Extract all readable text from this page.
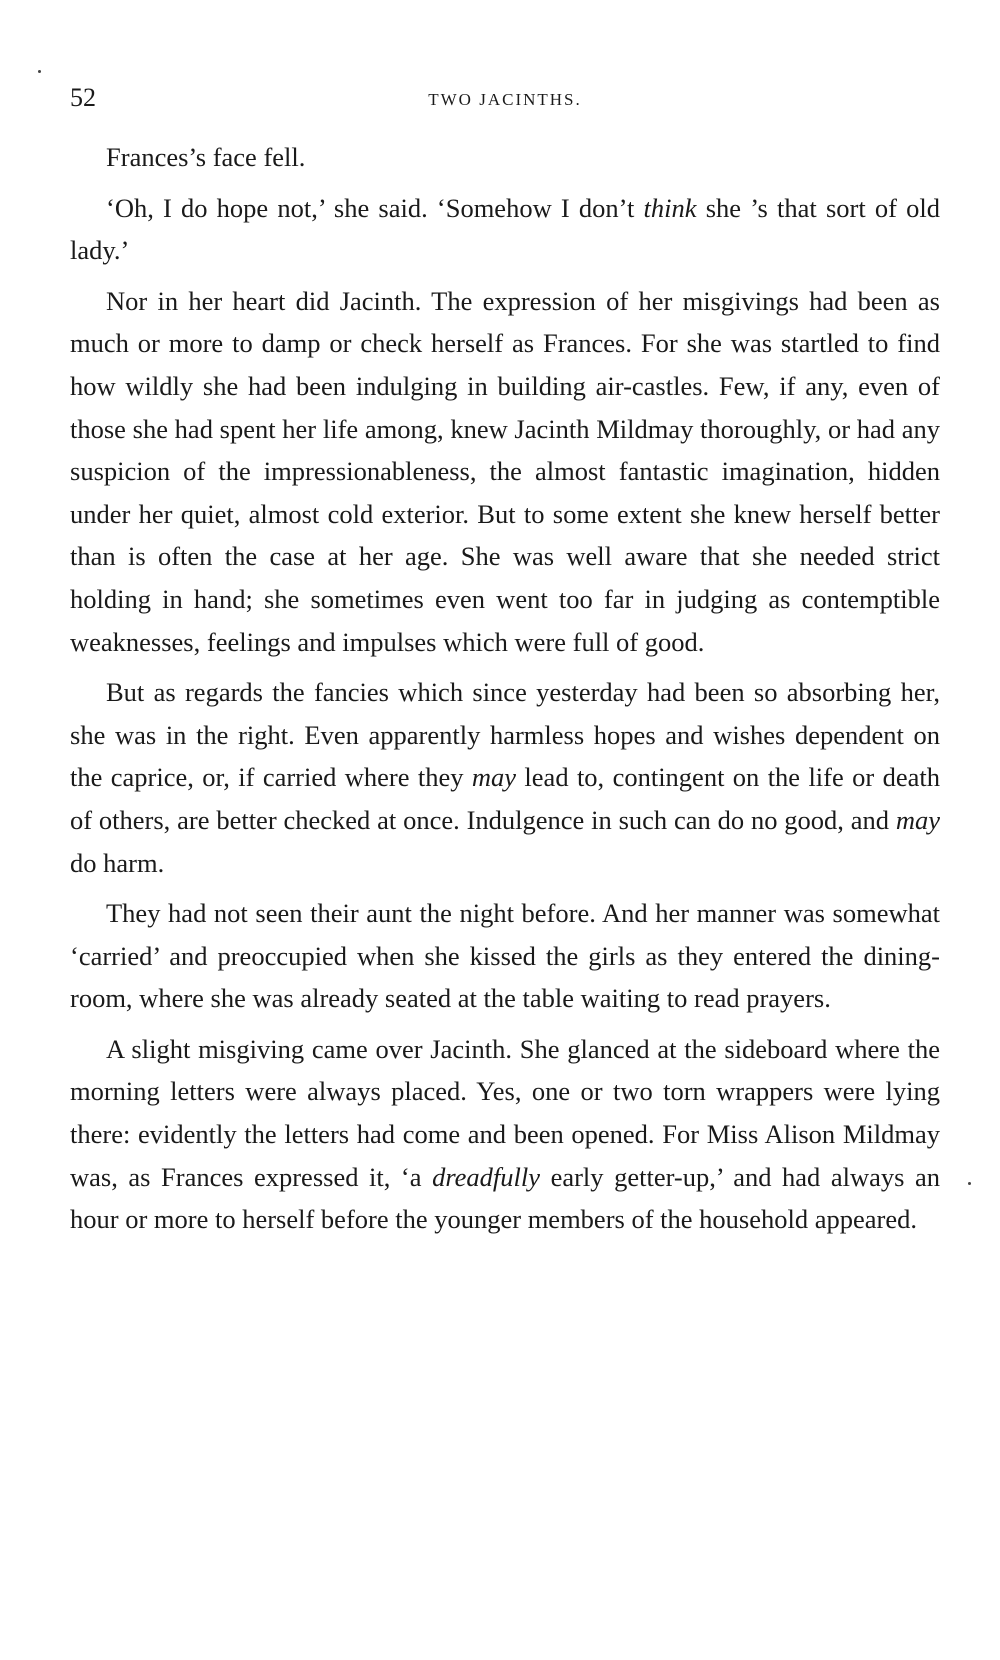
52	TWO JACINTHS.

Frances’s face fell.

‘Oh, I do hope not,’ she said. ‘Somehow I don’t think she ’s that sort of old lady.’

Nor in her heart did Jacinth. The expression of her misgivings had been as much or more to damp or check herself as Frances. For she was startled to find how wildly she had been indulging in building air-castles. Few, if any, even of those she had spent her life among, knew Jacinth Mildmay thoroughly, or had any suspicion of the impressionableness, the almost fantastic imagination, hidden under her quiet, almost cold exterior. But to some extent she knew herself better than is often the case at her age. She was well aware that she needed strict holding in hand; she sometimes even went too far in judging as contemptible weaknesses, feelings and impulses which were full of good.

But as regards the fancies which since yesterday had been so absorbing her, she was in the right. Even apparently harmless hopes and wishes dependent on the caprice, or, if carried where they may lead to, contingent on the life or death of others, are better checked at once. Indulgence in such can do no good, and may do harm.

They had not seen their aunt the night before. And her manner was somewhat ‘carried’ and preoccupied when she kissed the girls as they entered the dining-room, where she was already seated at the table waiting to read prayers.

A slight misgiving came over Jacinth. She glanced at the sideboard where the morning letters were always placed. Yes, one or two torn wrappers were lying there: evidently the letters had come and been opened. For Miss Alison Mildmay was, as Frances expressed it, ‘a dreadfully early getter-up,’ and had always an hour or more to herself before the younger members of the household appeared.
